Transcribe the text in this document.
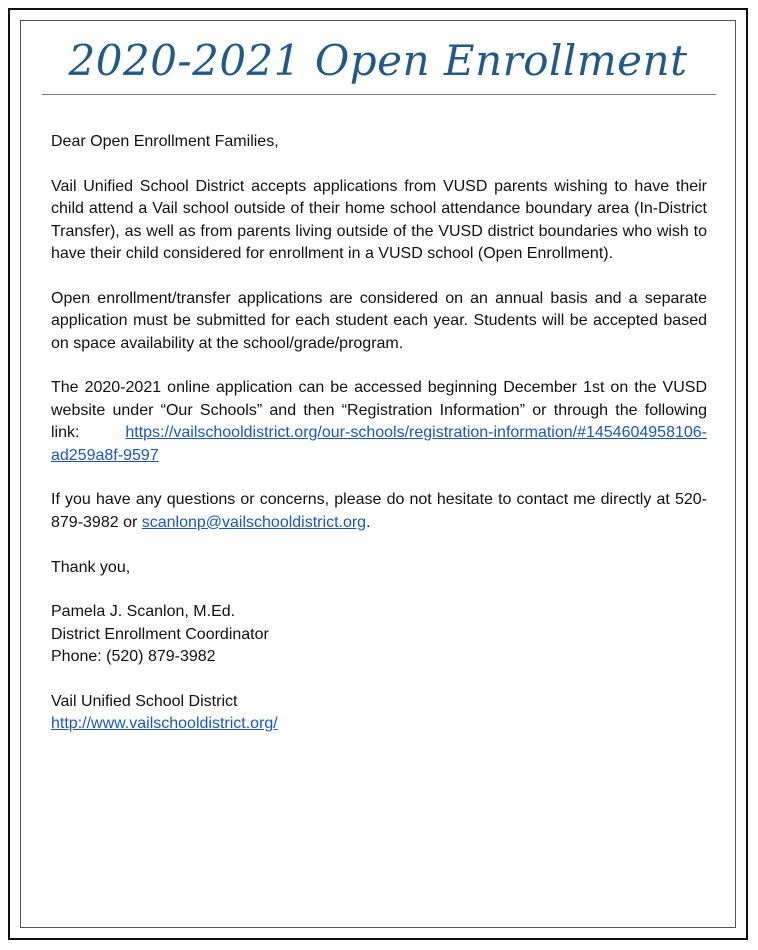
2020-2021 Open Enrollment

Dear Open Enrollment Families,

Vail Unified School District accepts applications from VUSD parents wishing to have their child attend a Vail school outside of their home school attendance boundary area (In-District Transfer), as well as from parents living outside of the VUSD district boundaries who wish to have their child considered for enrollment in a VUSD school (Open Enrollment).

Open enrollment/transfer applications are considered on an annual basis and a separate application must be submitted for each student each year. Students will be accepted based on space availability at the school/grade/program.

The 2020-2021 online application can be accessed beginning December 1st on the VUSD website under “Our Schools” and then “Registration Information” or through the following link: https://vailschooldistrict.org/our-schools/registration-information/#1454604958106-ad259a8f-9597

If you have any questions or concerns, please do not hesitate to contact me directly at 520-879-3982 or scanlonp@vailschooldistrict.org.

Thank you,

Pamela J. Scanlon, M.Ed.
District Enrollment Coordinator
Phone: (520) 879-3982

Vail Unified School District
http://www.vailschooldistrict.org/
